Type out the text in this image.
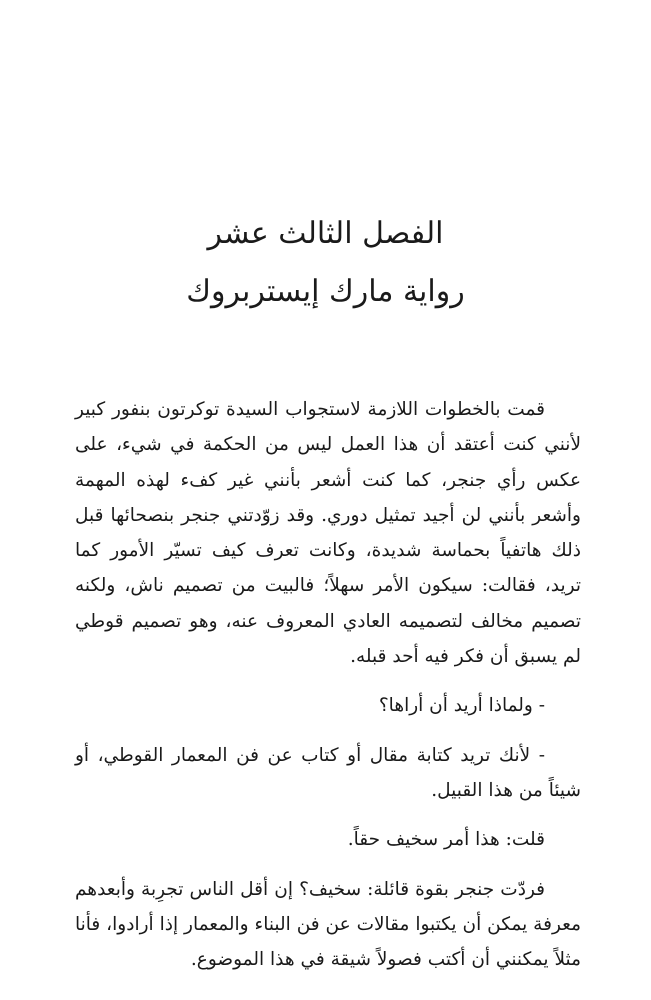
الفصل الثالث عشر
رواية مارك إيستربروك

قمت بالخطوات اللازمة لاستجواب السيدة توكرتون بنفور كبير لأنني كنت أعتقد أن هذا العمل ليس من الحكمة في شيء، على عكس رأي جنجر، كما كنت أشعر بأنني غير كفء لهذه المهمة وأشعر بأنني لن أجيد تمثيل دوري. وقد زوّدتني جنجر بنصحائها قبل ذلك هاتفياً بحماسة شديدة، وكانت تعرف كيف تسيّر الأمور كما تريد، فقالت: سيكون الأمر سهلاً؛ فالبيت من تصميم ناش، ولكنه تصميم مخالف لتصميمه العادي المعروف عنه، وهو تصميم قوطي لم يسبق أن فكر فيه أحد قبله.

- ولماذا أريد أن أراها؟

- لأنك تريد كتابة مقال أو كتاب عن فن المعمار القوطي، أو شيئاً من هذا القبيل.

قلت: هذا أمر سخيف حقاً.

فردّت جنجر بقوة قائلة: سخيف؟ إن أقل الناس تجرِبة وأبعدهم معرفة يمكن أن يكتبوا مقالات عن فن البناء والمعمار إذا أرادوا، فأنا مثلاً يمكنني أن أكتب فصولاً شيقة في هذا الموضوع.
